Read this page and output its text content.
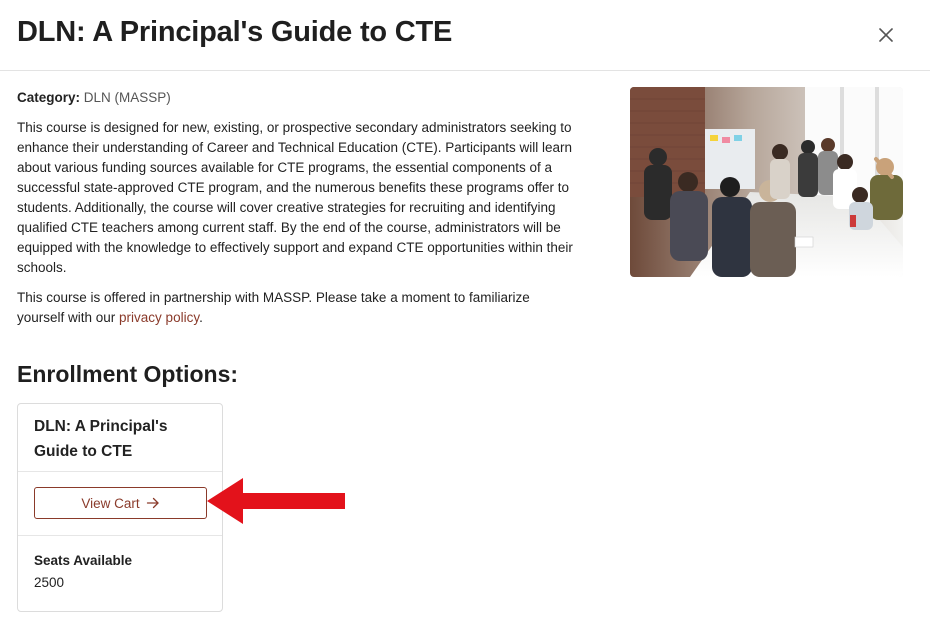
DLN: A Principal's Guide to CTE
Category: DLN (MASSP)

This course is designed for new, existing, or prospective secondary administrators seeking to enhance their understanding of Career and Technical Education (CTE). Participants will learn about various funding sources available for CTE programs, the essential components of a successful state-approved CTE program, and the numerous benefits these programs offer to students. Additionally, the course will cover creative strategies for recruiting and identifying qualified CTE teachers among current staff. By the end of the course, administrators will be equipped with the knowledge to effectively support and expand CTE opportunities within their schools.

This course is offered in partnership with MASSP. Please take a moment to familiarize yourself with our privacy policy.

Enrollment Options:
DLN: A Principal's Guide to CTE
View Cart
Seats Available
2500
